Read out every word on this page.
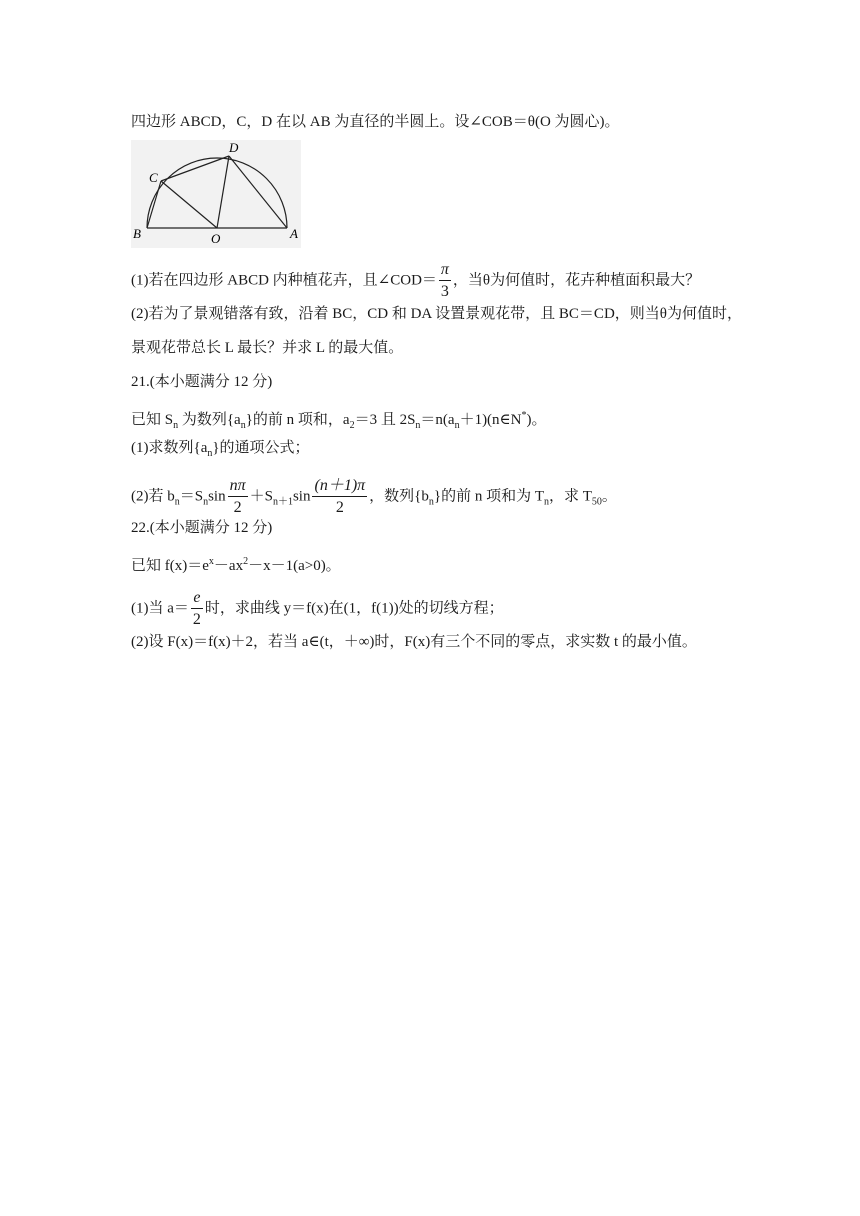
四边形 ABCD，C，D 在以 AB 为直径的半圆上。设∠COB＝θ(O 为圆心)。
C
D
B	O	A
(1)若在四边形 ABCD 内种植花卉，且∠COD＝ $\frac{\pi}{3}$ ，当θ为何值时，花卉种植面积最大？
(2)若为了景观错落有致，沿着 BC，CD 和 DA 设置景观花带，且 BC＝CD，则当θ为何值时，
景观花带总长 L 最长？并求 L 的最大值。
21.(本小题满分 12 分)
已知 $S_n$ 为数列$\{a_n\}$的前 n 项和，$a_2=3$ 且 $2S_n=n(a_n+1)(n\in N^*)$。
(1)求数列$\{a_n\}$的通项公式；
(2)若 $b_n=S_n\sin \frac{n\pi}{2} +S_{n+1}\sin \frac{(n+1)\pi}{2}$ ，数列$\{b_n\}$的前 n 项和为 $T_n$，求 $T_{50}$。
22.(本小题满分 12 分)
已知 $f(x)=e^x-ax^2-x-1(a>0)$。
(1)当 $a= \frac{e}{2}$ 时，求曲线 y＝f(x)在(1，f(1))处的切线方程；
(2)设 F(x)＝f(x)＋2，若当 a∈(t，＋∞)时，F(x)有三个不同的零点，求实数 t 的最小值。
